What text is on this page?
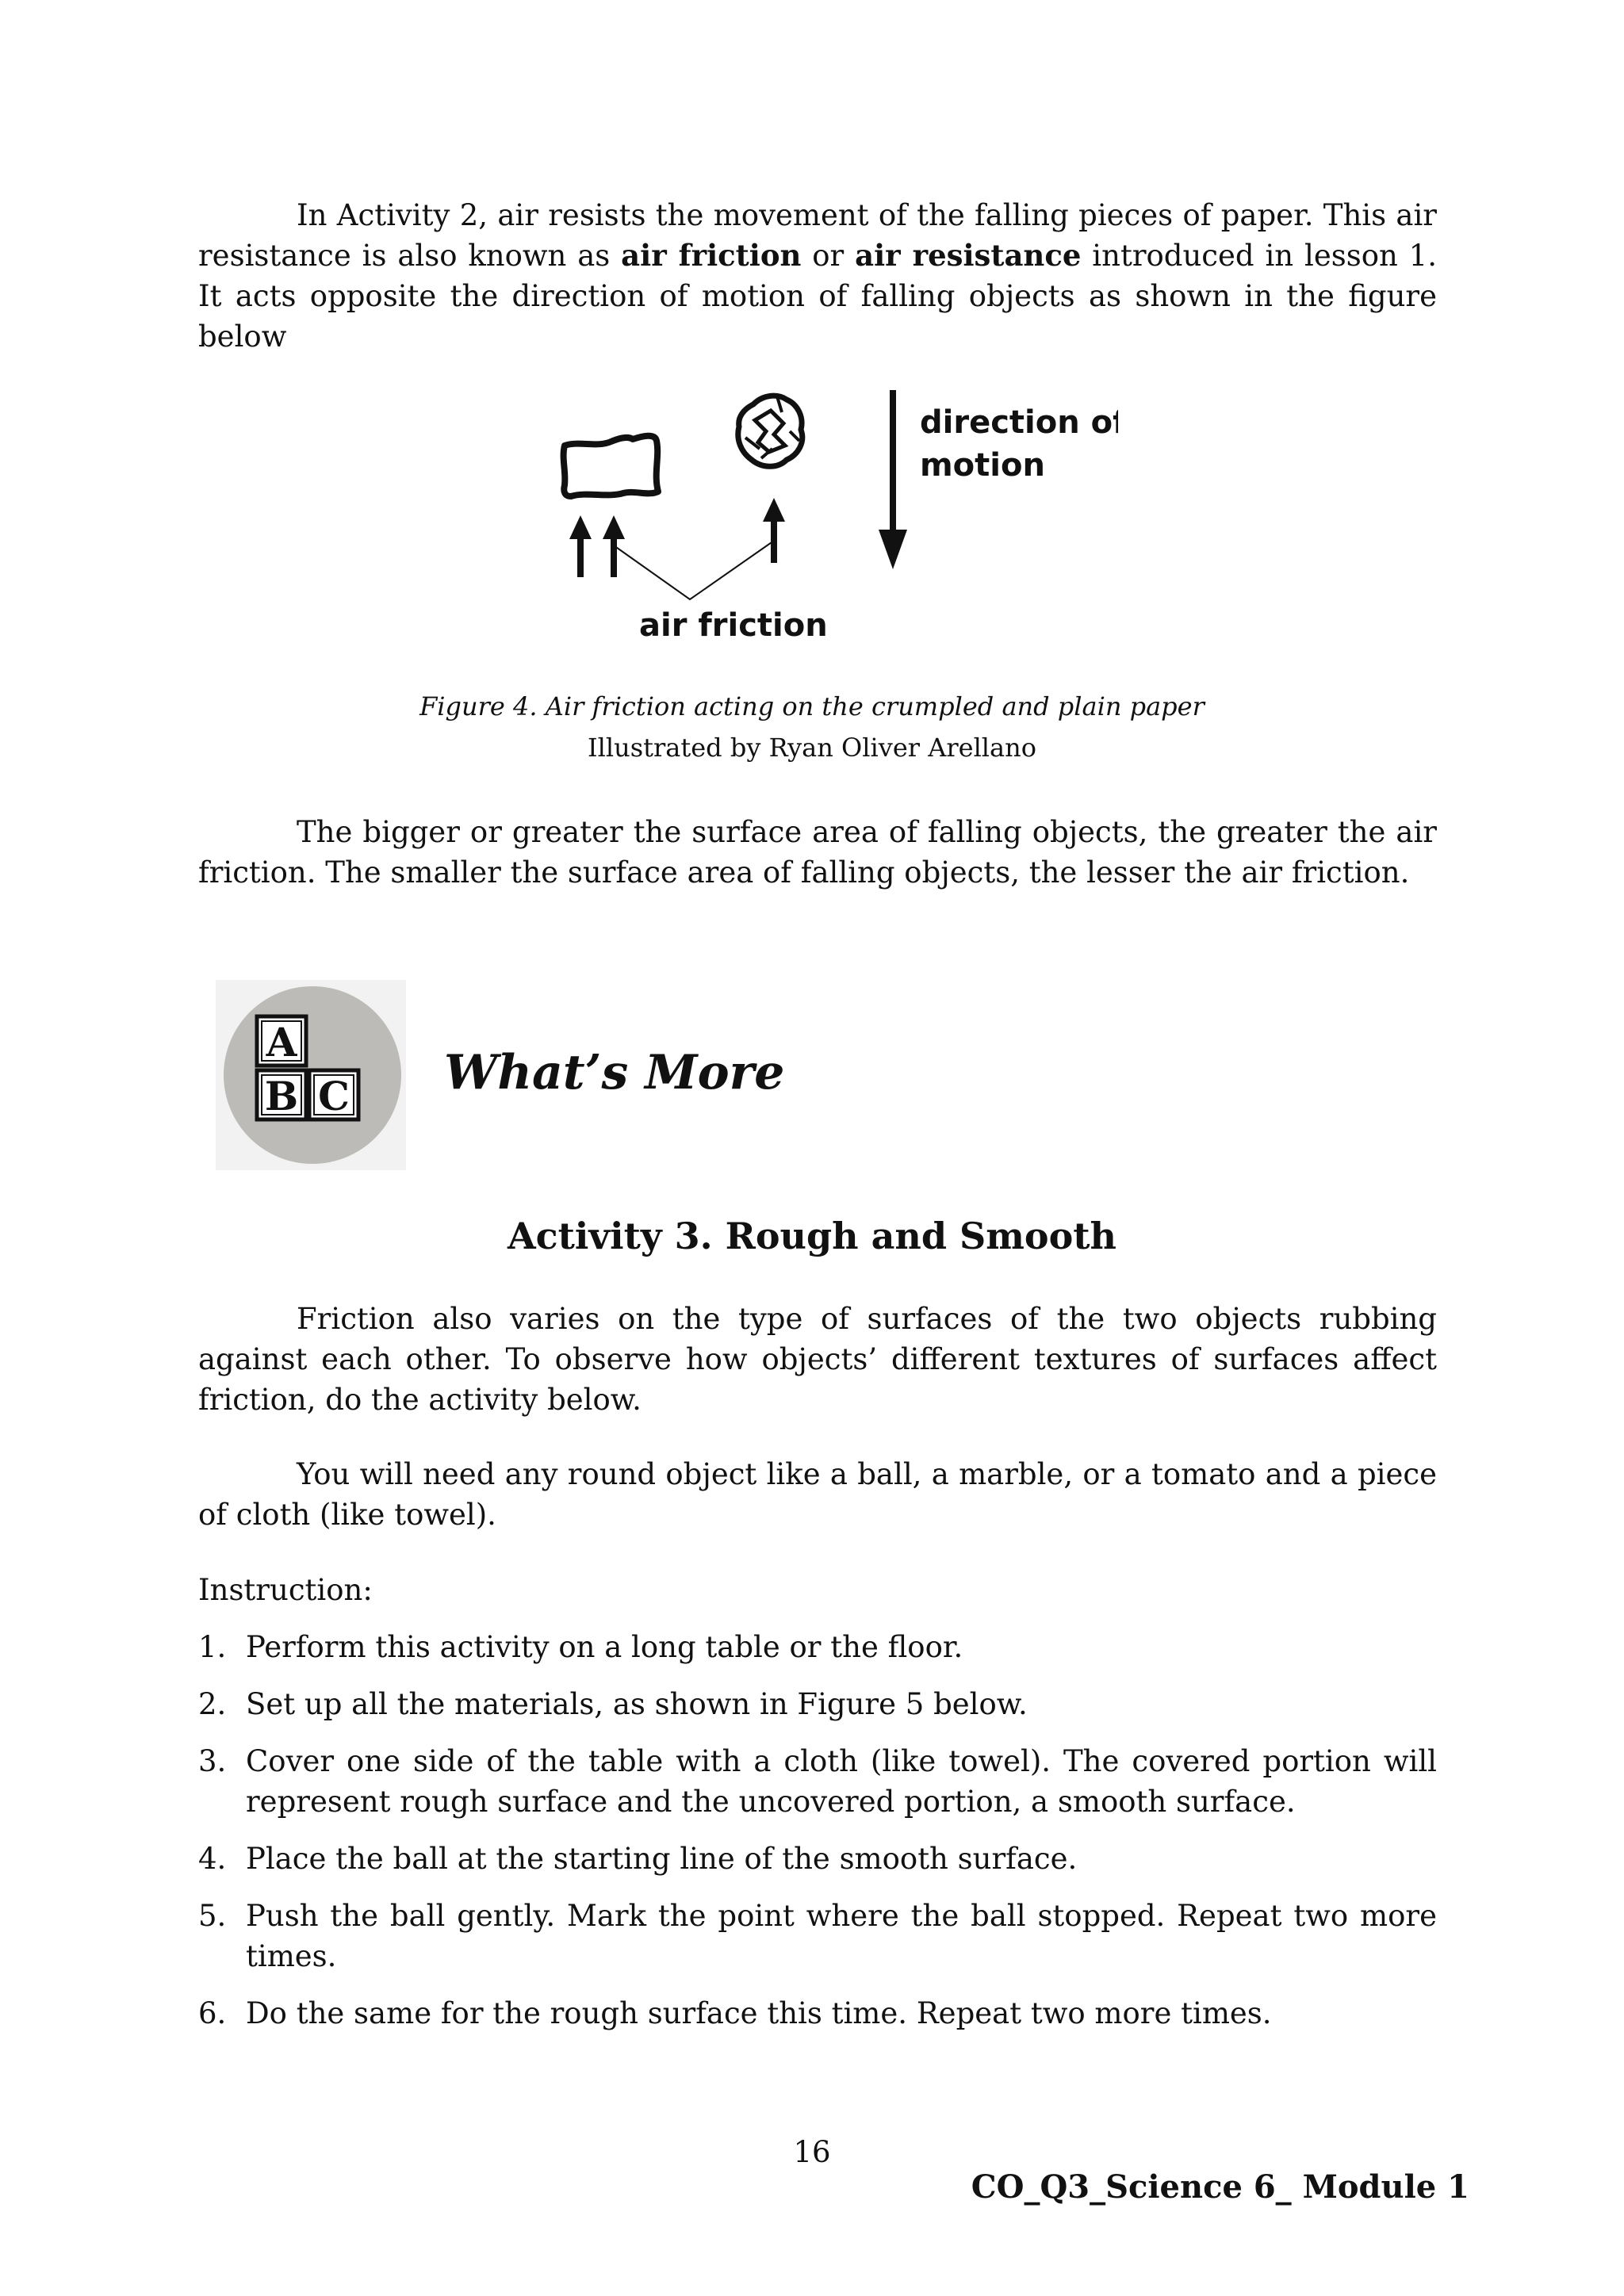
In Activity 2, air resists the movement of the falling pieces of paper. This air resistance is also known as air friction or air resistance introduced in lesson 1. It acts opposite the direction of motion of falling objects as shown in the figure below

direction of
motion
air friction

Figure 4. Air friction acting on the crumpled and plain paper

Illustrated by Ryan Oliver Arellano

The bigger or greater the surface area of falling objects, the greater the air friction. The smaller the surface area of falling objects, the lesser the air friction.

A
B C What’s More

Activity 3. Rough and Smooth

Friction also varies on the type of surfaces of the two objects rubbing against each other. To observe how objects’ different textures of surfaces affect friction, do the activity below.

You will need any round object like a ball, a marble, or a tomato and a piece of cloth (like towel).

Instruction:

1. Perform this activity on a long table or the floor.
2. Set up all the materials, as shown in Figure 5 below.
3. Cover one side of the table with a cloth (like towel). The covered portion will represent rough surface and the uncovered portion, a smooth surface.
4. Place the ball at the starting line of the smooth surface.
5. Push the ball gently. Mark the point where the ball stopped. Repeat two more times.
6. Do the same for the rough surface this time. Repeat two more times.

16

CO_Q3_Science 6_ Module 1
